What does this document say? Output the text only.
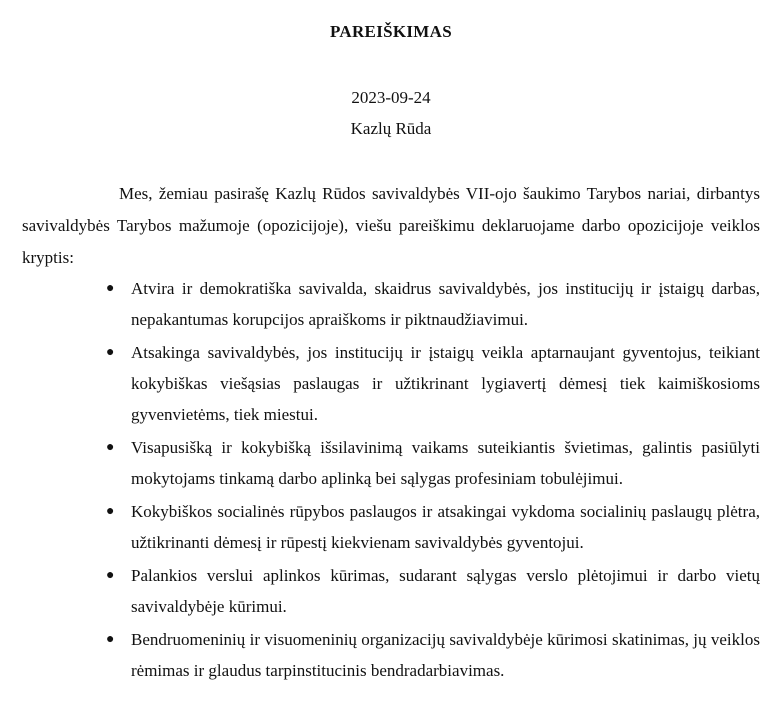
PAREIŠKIMAS
2023-09-24
Kazlų Rūda
Mes, žemiau pasirašę Kazlų Rūdos savivaldybės VII-ojo šaukimo Tarybos nariai, dirbantys savivaldybės Tarybos mažumoje (opozicijoje), viešu pareiškimu deklaruojame darbo opozicijoje veiklos kryptis:
● Atvira ir demokratiška savivalda, skaidrus savivaldybės, jos institucijų ir įstaigų darbas, nepakantumas korupcijos apraiškoms ir piktnaudžiavimui.
● Atsakinga savivaldybės, jos institucijų ir įstaigų veikla aptarnaujant gyventojus, teikiant kokybiškas viešąsias paslaugas ir užtikrinant lygiavertį dėmesį tiek kaimiškosioms gyvenvietėms, tiek miestui.
● Visapusišką ir kokybišką išsilavinimą vaikams suteikiantis švietimas, galintis pasiūlyti mokytojams tinkamą darbo aplinką bei sąlygas profesiniam tobulėjimui.
● Kokybiškos socialinės rūpybos paslaugos ir atsakingai vykdoma socialinių paslaugų plėtra, užtikrinanti dėmesį ir rūpestį kiekvienam savivaldybės gyventojui.
● Palankios verslui aplinkos kūrimas, sudarant sąlygas verslo plėtojimui ir darbo vietų savivaldybėje kūrimui.
● Bendruomeninių ir visuomeninių organizacijų savivaldybėje kūrimosi skatinimas, jų veiklos rėmimas ir glaudus tarpinstitucinis bendradarbiavimas.
